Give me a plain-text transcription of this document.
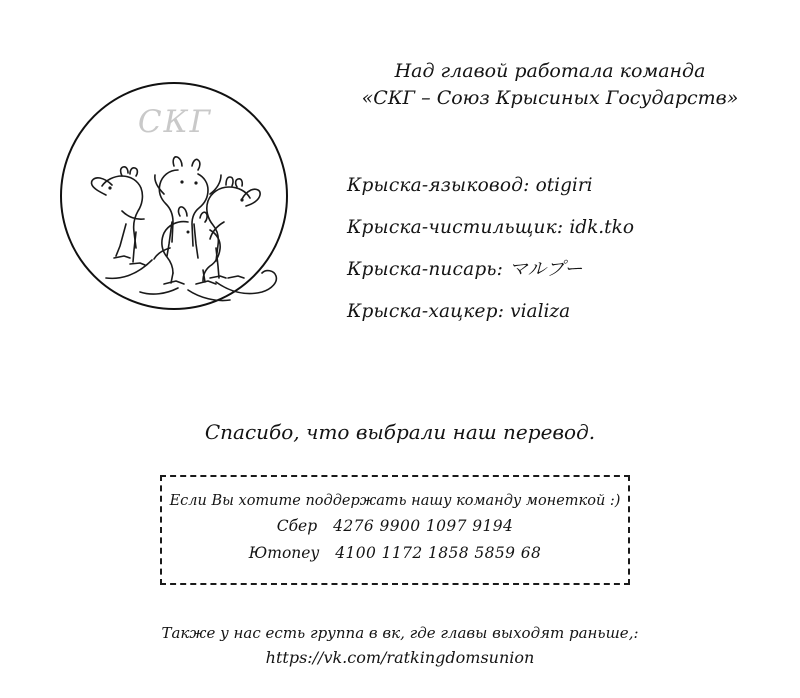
СКГ
Над главой работала команда
«СКГ – Союз Крысиных Государств»
Крыска-языковод: otigiri
Крыска-чистильщик: idk.tko
Крыска-писарь: マルプー
Крыска-хацкер: vializa
Спасибо, что выбрали наш перевод.
Если Вы хотите поддержать нашу команду монеткой :)
Сбер 4276 9900 1097 9194
Юmoney 4100 1172 1858 5859 68
Также у нас есть группа в вк, где главы выходят раньше,:
https://vk.com/ratkingdomsunion
